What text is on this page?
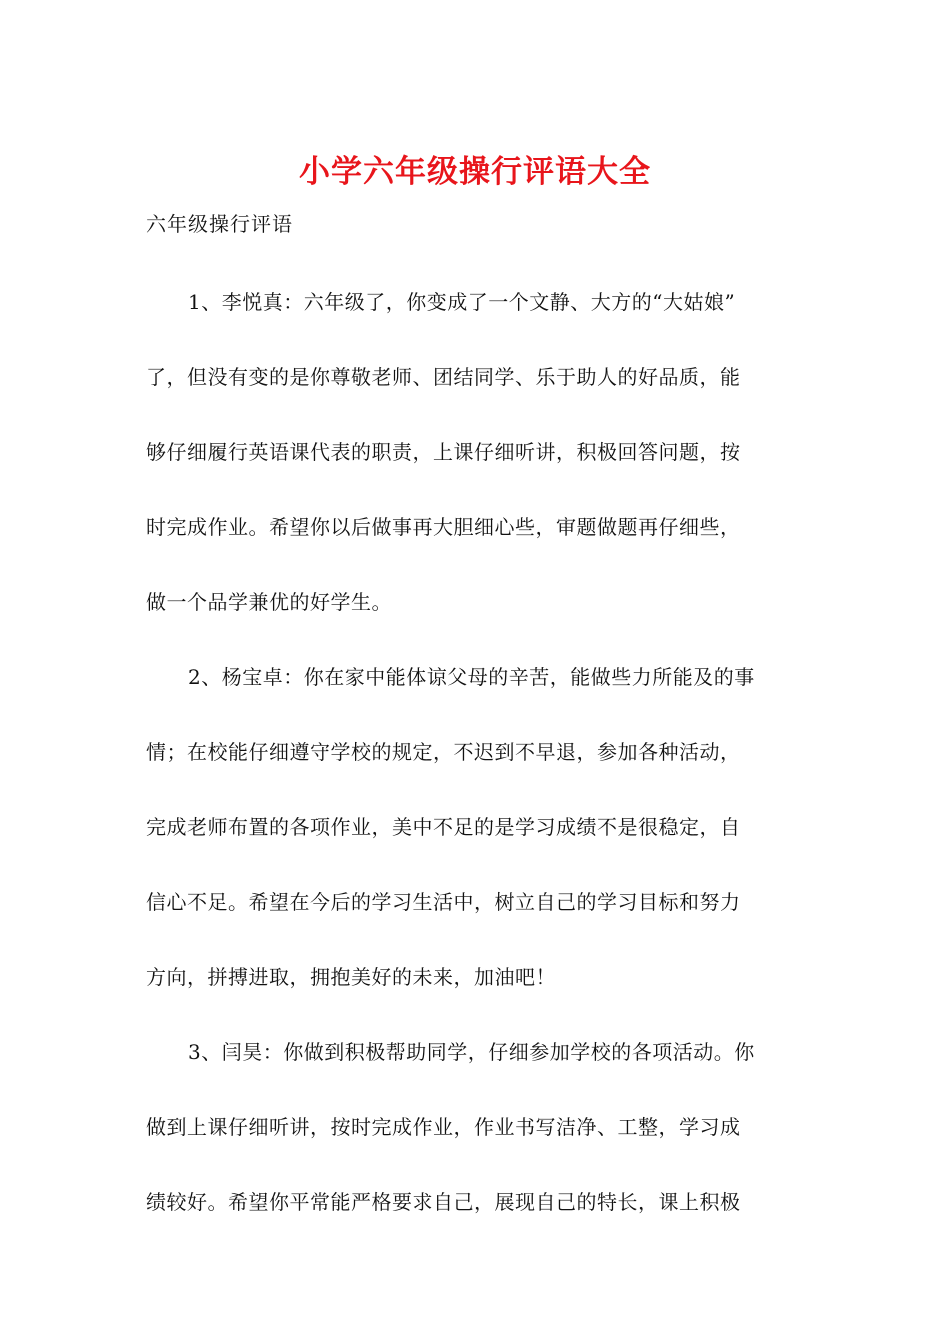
小学六年级操行评语大全
六年级操行评语
1、李悦真：六年级了，你变成了一个文静、大方的“大姑娘”
了，但没有变的是你尊敬老师、团结同学、乐于助人的好品质，能
够仔细履行英语课代表的职责，上课仔细听讲，积极回答问题，按
时完成作业。希望你以后做事再大胆细心些，审题做题再仔细些，
做一个品学兼优的好学生。
2、杨宝卓：你在家中能体谅父母的辛苦，能做些力所能及的事
情；在校能仔细遵守学校的规定，不迟到不早退，参加各种活动，
完成老师布置的各项作业，美中不足的是学习成绩不是很稳定，自
信心不足。希望在今后的学习生活中，树立自己的学习目标和努力
方向，拼搏进取，拥抱美好的未来，加油吧！
3、闫昊：你做到积极帮助同学，仔细参加学校的各项活动。你
做到上课仔细听讲，按时完成作业，作业书写洁净、工整，学习成
绩较好。希望你平常能严格要求自己，展现自己的特长，课上积极
